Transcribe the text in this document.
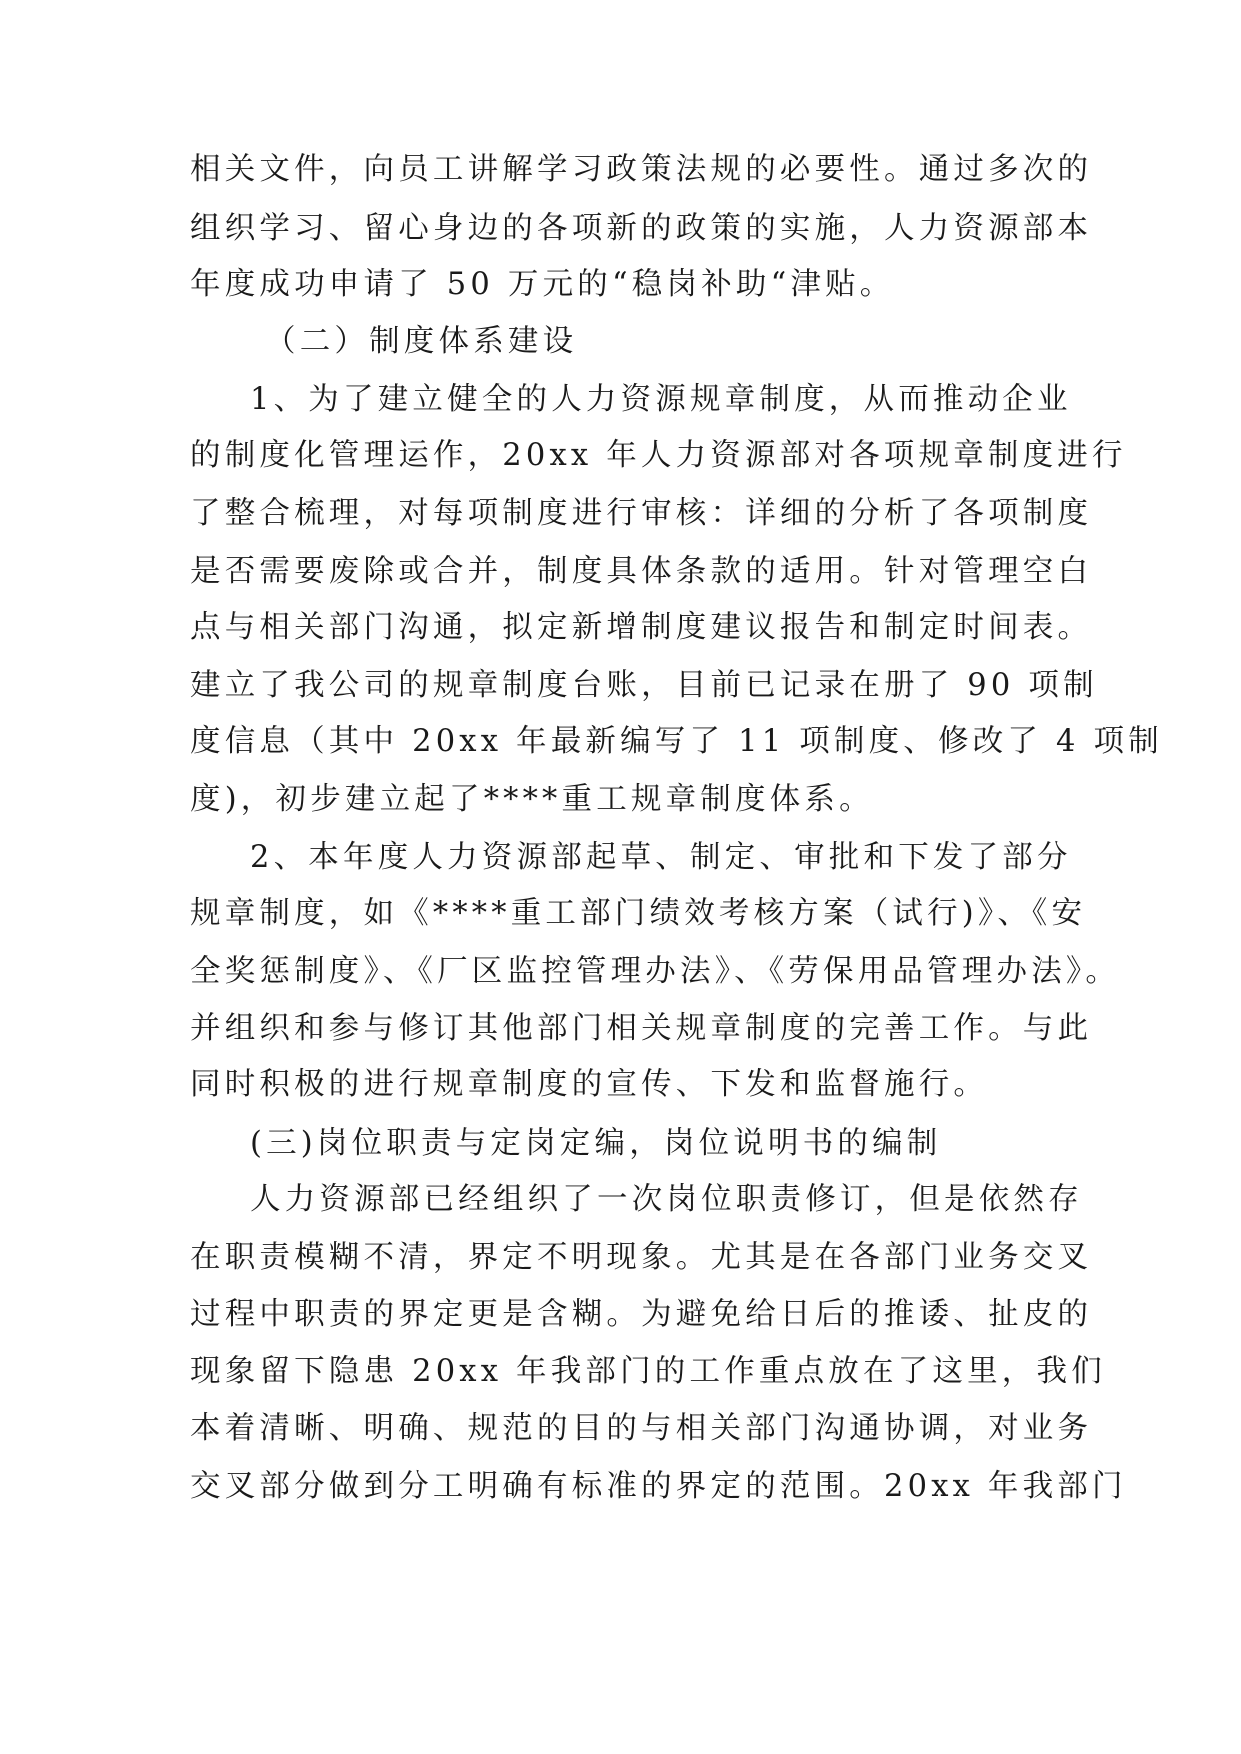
相关文件，向员工讲解学习政策法规的必要性。通过多次的
组织学习、留心身边的各项新的政策的实施，人力资源部本
年度成功申请了 50 万元的“稳岗补助“津贴。
（二）制度体系建设
1、为了建立健全的人力资源规章制度，从而推动企业
的制度化管理运作，20xx 年人力资源部对各项规章制度进行
了整合梳理，对每项制度进行审核：详细的分析了各项制度
是否需要废除或合并，制度具体条款的适用。针对管理空白
点与相关部门沟通，拟定新增制度建议报告和制定时间表。
建立了我公司的规章制度台账，目前已记录在册了 90 项制
度信息（其中 20xx 年最新编写了 11 项制度、修改了 4 项制
度)，初步建立起了****重工规章制度体系。
2、本年度人力资源部起草、制定、审批和下发了部分
规章制度，如《****重工部门绩效考核方案（试行)》、《安
全奖惩制度》、《厂区监控管理办法》、《劳保用品管理办法》。
并组织和参与修订其他部门相关规章制度的完善工作。与此
同时积极的进行规章制度的宣传、下发和监督施行。
(三)岗位职责与定岗定编，岗位说明书的编制
人力资源部已经组织了一次岗位职责修订，但是依然存
在职责模糊不清，界定不明现象。尤其是在各部门业务交叉
过程中职责的界定更是含糊。为避免给日后的推诿、扯皮的
现象留下隐患 20xx 年我部门的工作重点放在了这里，我们
本着清晰、明确、规范的目的与相关部门沟通协调，对业务
交叉部分做到分工明确有标准的界定的范围。20xx 年我部门
